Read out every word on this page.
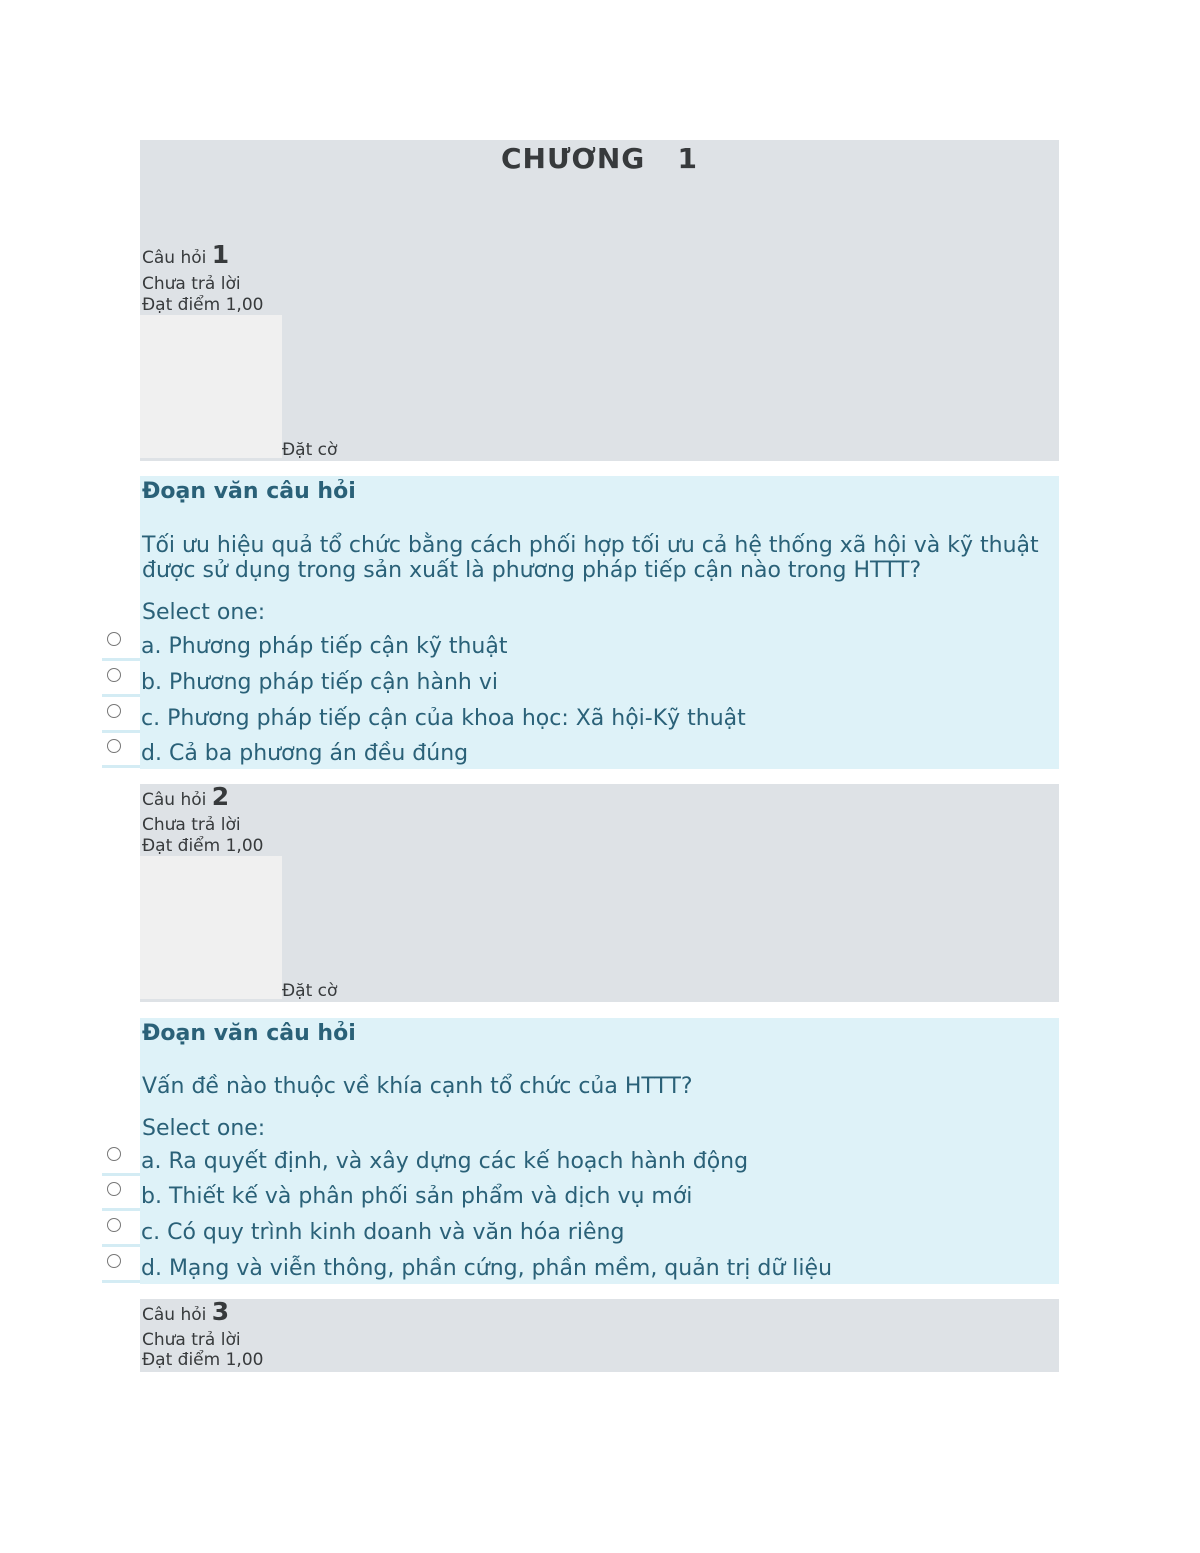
CHƯƠNG   1
Câu hỏi 1
Chưa trả lời
Đạt điểm 1,00
Đặt cờ
Đoạn văn câu hỏi
Tối ưu hiệu quả tổ chức bằng cách phối hợp tối ưu cả hệ thống xã hội và kỹ thuật được sử dụng trong sản xuất là phương pháp tiếp cận nào trong HTTT?
Select one:
a. Phương pháp tiếp cận kỹ thuật
b. Phương pháp tiếp cận hành vi
c. Phương pháp tiếp cận của khoa học: Xã hội-Kỹ thuật
d. Cả ba phương án đều đúng
Câu hỏi 2
Chưa trả lời
Đạt điểm 1,00
Đặt cờ
Đoạn văn câu hỏi
Vấn đề nào thuộc về khía cạnh tổ chức của HTTT?
Select one:
a. Ra quyết định, và xây dựng các kế hoạch hành động
b. Thiết kế và phân phối sản phẩm và dịch vụ mới
c. Có quy trình kinh doanh và văn hóa riêng
d. Mạng và viễn thông, phần cứng, phần mềm, quản trị dữ liệu
Câu hỏi 3
Chưa trả lời
Đạt điểm 1,00
